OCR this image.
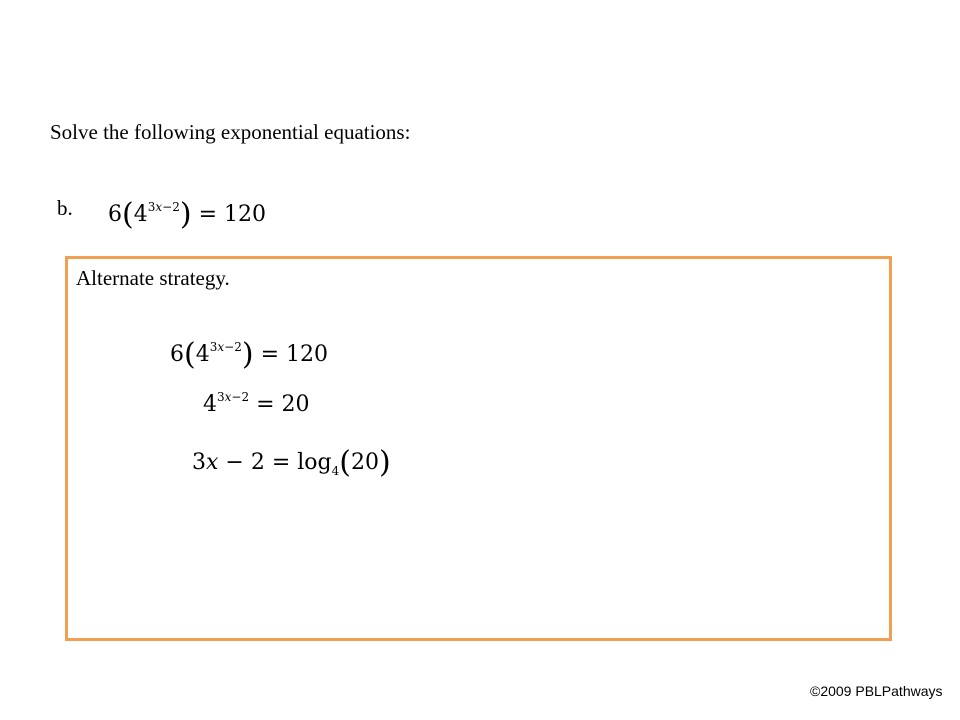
Solve the following exponential equations:
b. $6(4^{3x-2}) = 120$
Alternate strategy.
$6(4^{3x-2}) = 120$
$4^{3x-2} = 20$
$3x - 2 = \log_4(20)$
©2009 PBLPathways
